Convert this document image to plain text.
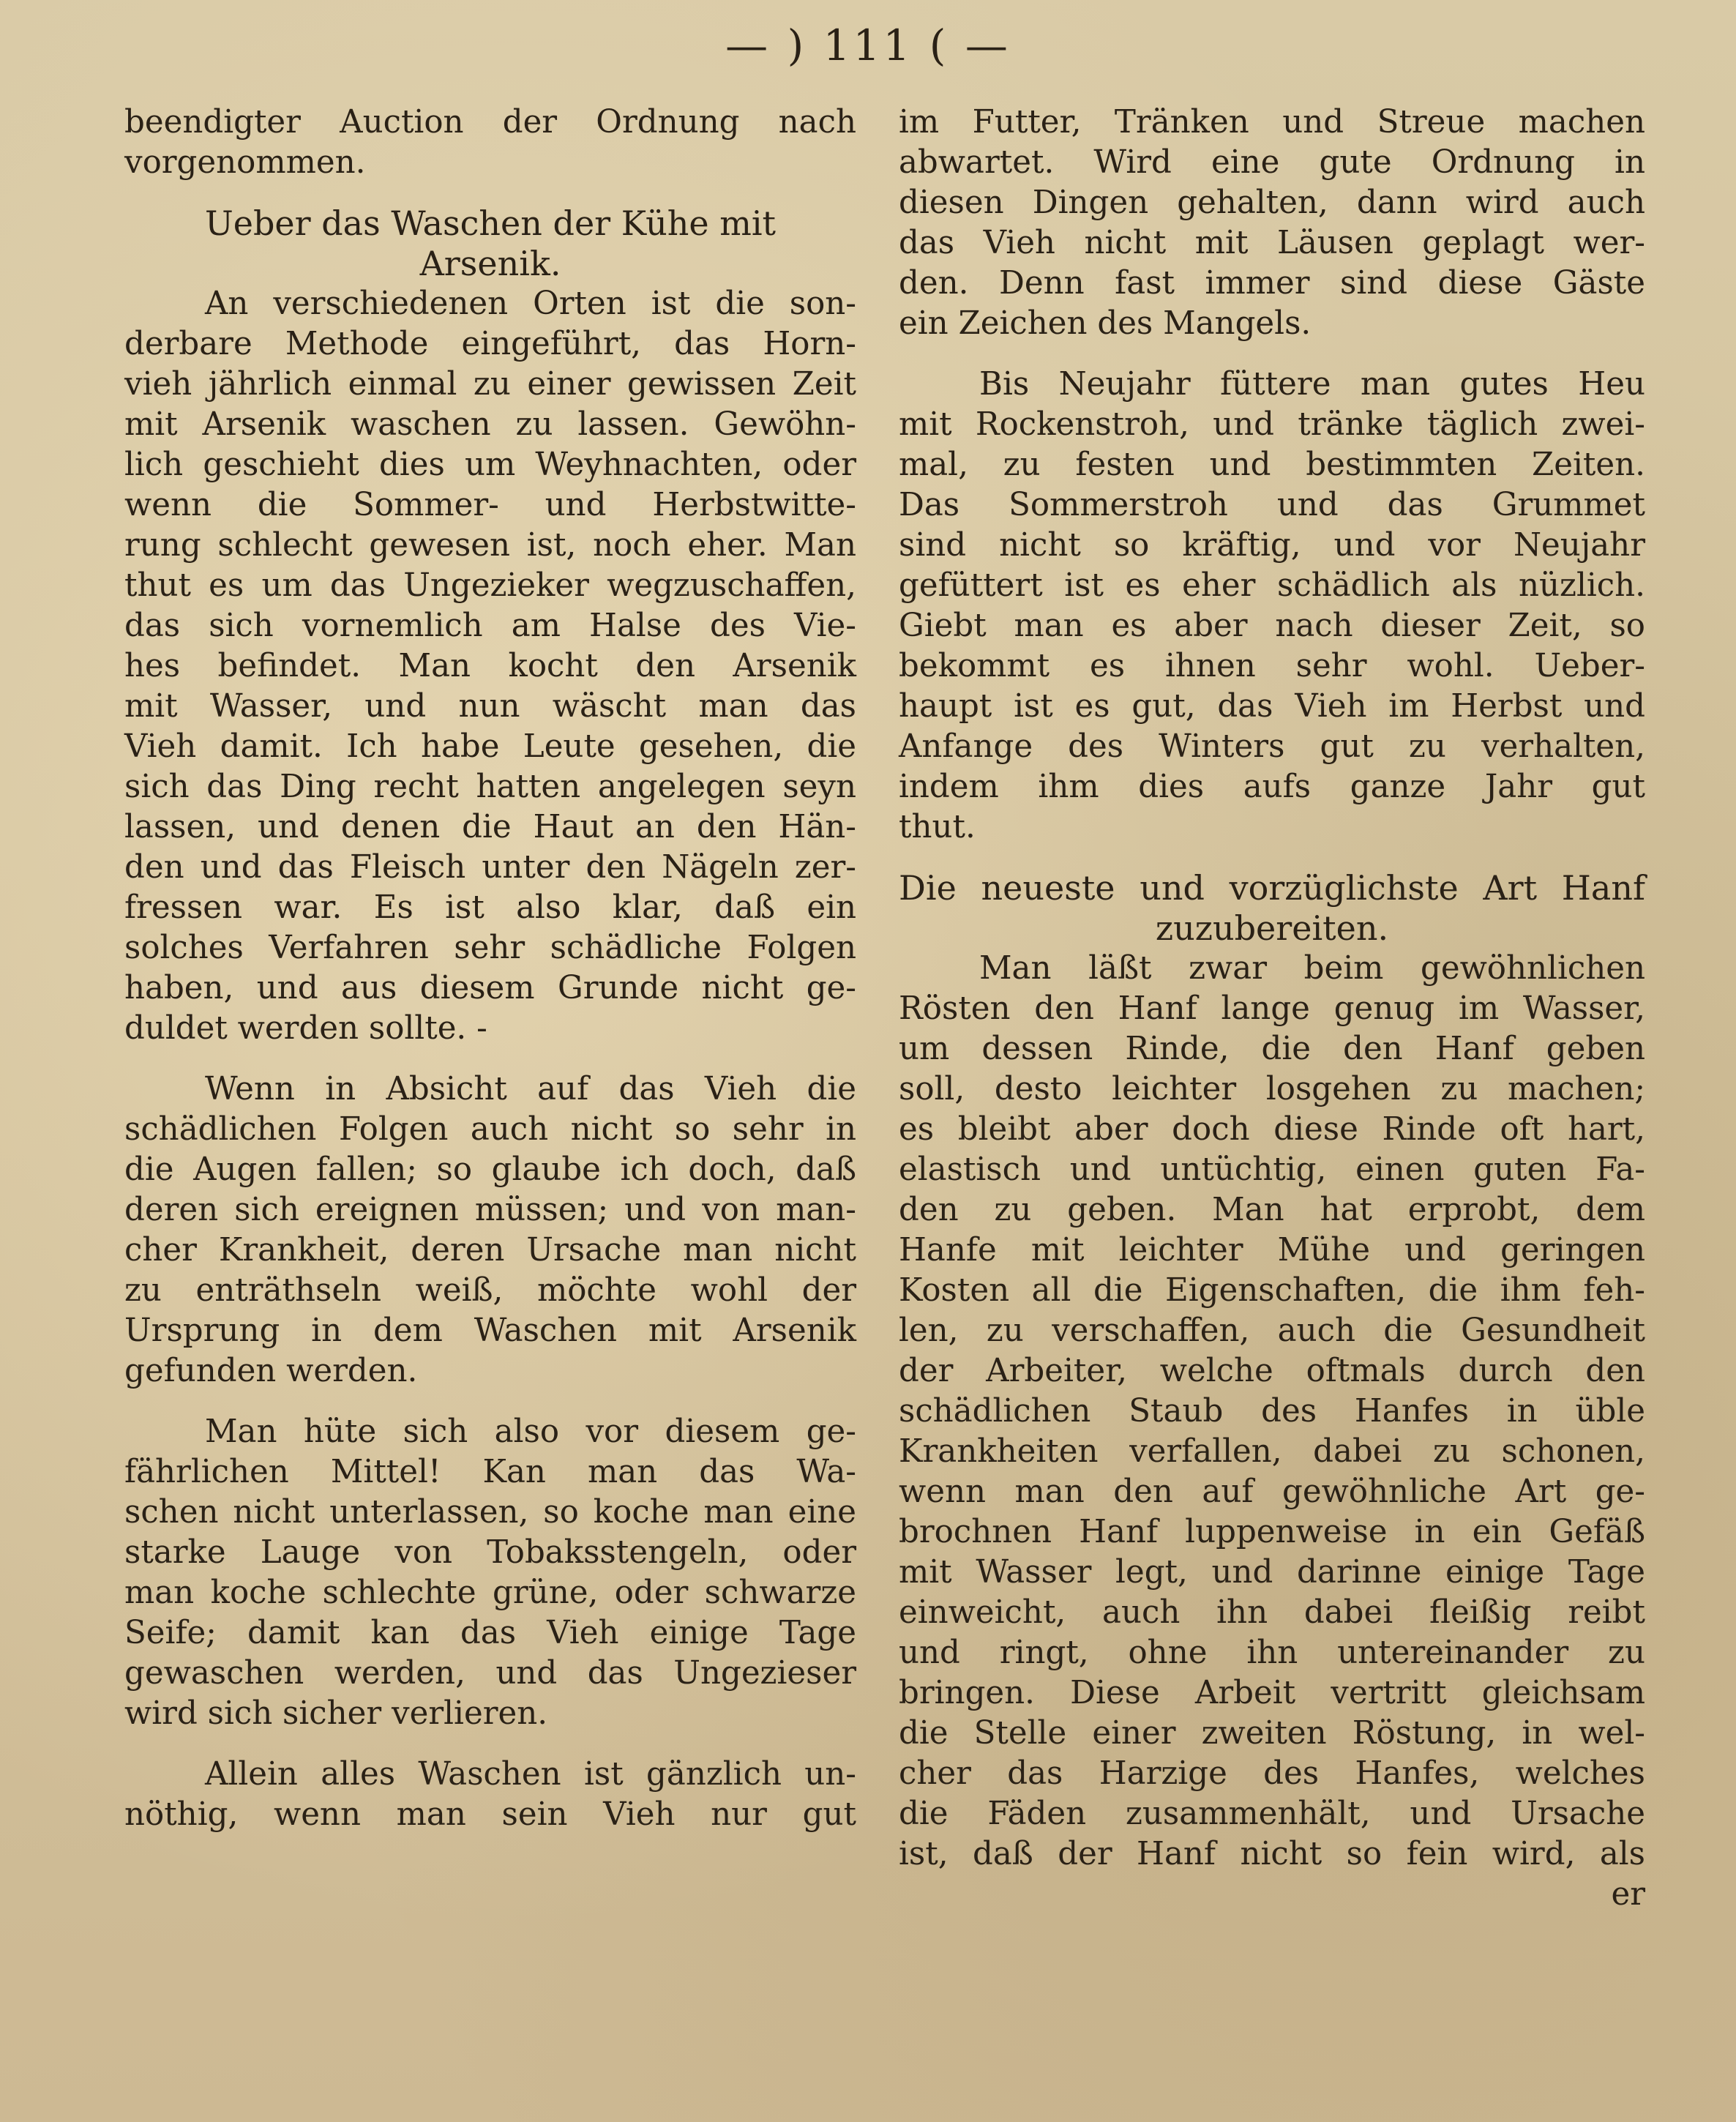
— ) 111 ( —
beendigter Auction der Ordnung nach
vorgenommen.
Ueber das Waschen der Kühe mit
Arsenik.
An verschiedenen Orten ist die son-
derbare Methode eingeführt, das Horn-
vieh jährlich einmal zu einer gewissen Zeit
mit Arsenik waschen zu lassen. Gewöhn-
lich geschieht dies um Weyhnachten, oder
wenn die Sommer- und Herbstwitte-
rung schlecht gewesen ist, noch eher. Man
thut es um das Ungezieker wegzuschaffen,
das sich vornemlich am Halse des Vie-
hes befindet. Man kocht den Arsenik
mit Wasser, und nun wäscht man das
Vieh damit. Ich habe Leute gesehen, die
sich das Ding recht hatten angelegen seyn
lassen, und denen die Haut an den Hän-
den und das Fleisch unter den Nägeln zer-
fressen war. Es ist also klar, daß ein
solches Verfahren sehr schädliche Folgen
haben, und aus diesem Grunde nicht ge-
duldet werden sollte. -
Wenn in Absicht auf das Vieh die
schädlichen Folgen auch nicht so sehr in
die Augen fallen; so glaube ich doch, daß
deren sich ereignen müssen; und von man-
cher Krankheit, deren Ursache man nicht
zu enträthseln weiß, möchte wohl der
Ursprung in dem Waschen mit Arsenik
gefunden werden.
Man hüte sich also vor diesem ge-
fährlichen Mittel! Kan man das Wa-
schen nicht unterlassen, so koche man eine
starke Lauge von Tobaksstengeln, oder
man koche schlechte grüne, oder schwarze
Seife; damit kan das Vieh einige Tage
gewaschen werden, und das Ungezieser
wird sich sicher verlieren.
Allein alles Waschen ist gänzlich un-
nöthig, wenn man sein Vieh nur gut
im Futter, Tränken und Streue machen
abwartet. Wird eine gute Ordnung in
diesen Dingen gehalten, dann wird auch
das Vieh nicht mit Läusen geplagt wer-
den. Denn fast immer sind diese Gäste
ein Zeichen des Mangels.
Bis Neujahr füttere man gutes Heu
mit Rockenstroh, und tränke täglich zwei-
mal, zu festen und bestimmten Zeiten.
Das Sommerstroh und das Grummet
sind nicht so kräftig, und vor Neujahr
gefüttert ist es eher schädlich als nüzlich.
Giebt man es aber nach dieser Zeit, so
bekommt es ihnen sehr wohl. Ueber-
haupt ist es gut, das Vieh im Herbst und
Anfange des Winters gut zu verhalten,
indem ihm dies aufs ganze Jahr gut
thut.
Die neueste und vorzüglichste Art Hanf
zuzubereiten.
Man läßt zwar beim gewöhnlichen
Rösten den Hanf lange genug im Wasser,
um dessen Rinde, die den Hanf geben
soll, desto leichter losgehen zu machen;
es bleibt aber doch diese Rinde oft hart,
elastisch und untüchtig, einen guten Fa-
den zu geben. Man hat erprobt, dem
Hanfe mit leichter Mühe und geringen
Kosten all die Eigenschaften, die ihm feh-
len, zu verschaffen, auch die Gesundheit
der Arbeiter, welche oftmals durch den
schädlichen Staub des Hanfes in üble
Krankheiten verfallen, dabei zu schonen,
wenn man den auf gewöhnliche Art ge-
brochnen Hanf luppenweise in ein Gefäß
mit Wasser legt, und darinne einige Tage
einweicht, auch ihn dabei fleißig reibt
und ringt, ohne ihn untereinander zu
bringen. Diese Arbeit vertritt gleichsam
die Stelle einer zweiten Röstung, in wel-
cher das Harzige des Hanfes, welches
die Fäden zusammenhält, und Ursache
ist, daß der Hanf nicht so fein wird, als
er
